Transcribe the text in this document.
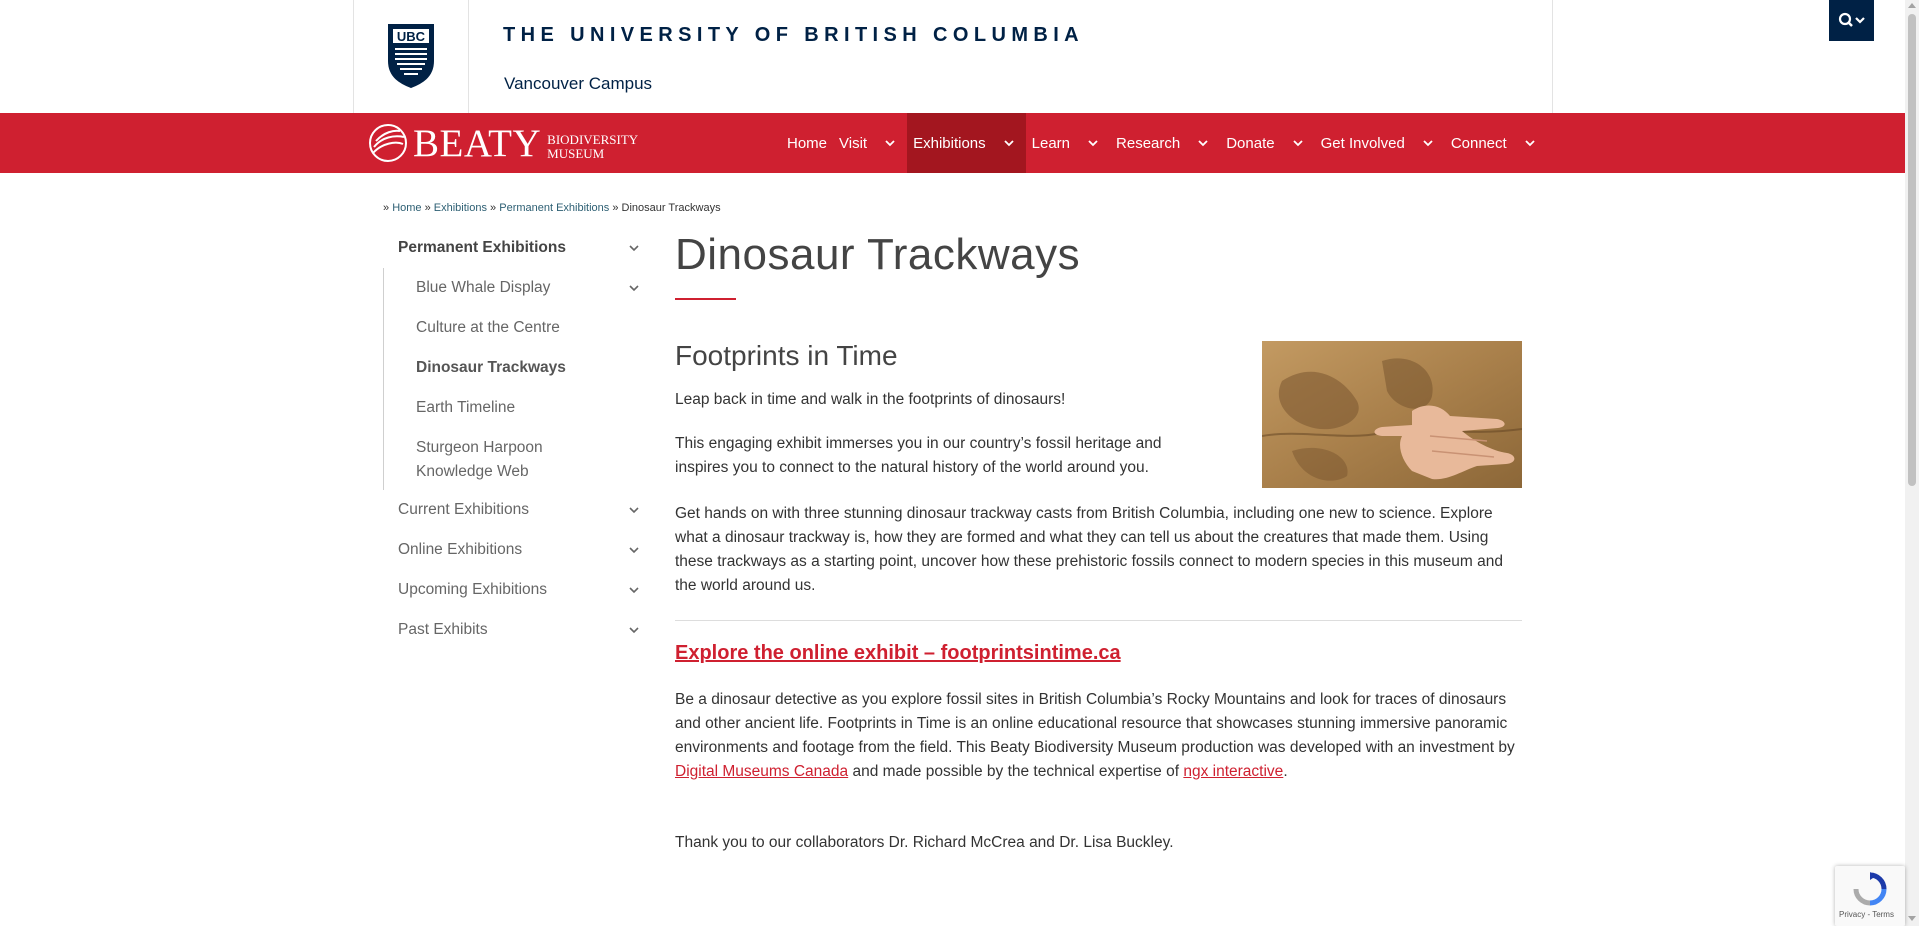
UBC	THE UNIVERSITY OF BRITISH COLUMBIA
Vancouver Campus
BEATY BIODIVERSITY
MUSEUM
Home Visit	Exhibitions	Learn	Research	Donate	Get Involved	Connect
» Home » Exhibitions » Permanent Exhibitions » Dinosaur Trackways
Permanent Exhibitions
Blue Whale Display
Culture at the Centre
Dinosaur Trackways
Earth Timeline
Sturgeon Harpoon
Knowledge Web
Current Exhibitions
Online Exhibitions
Upcoming Exhibitions
Past Exhibits
Dinosaur Trackways
Footprints in Time

Leap back in time and walk in the footprints of dinosaurs!

This engaging exhibit immerses you in our country’s fossil heritage and
inspires you to connect to the natural history of the world around you.

Get hands on with three stunning dinosaur trackway casts from British Columbia, including one new to science. Explore what a dinosaur trackway is, how they are formed and what they can tell us about the creatures that made them. Using these trackways as a starting point, uncover how these prehistoric fossils connect to modern species in this museum and the world around us.

Explore the online exhibit – footprintsintime.ca

Be a dinosaur detective as you explore fossil sites in British Columbia’s Rocky Mountains and look for traces of dinosaurs and other ancient life. Footprints in Time is an online educational resource that showcases stunning immersive panoramic environments and footage from the field. This Beaty Biodiversity Museum production was developed with an investment by Digital Museums Canada and made possible by the technical expertise of ngx interactive.

Thank you to our collaborators Dr. Richard McCrea and Dr. Lisa Buckley.

Privacy - Terms
